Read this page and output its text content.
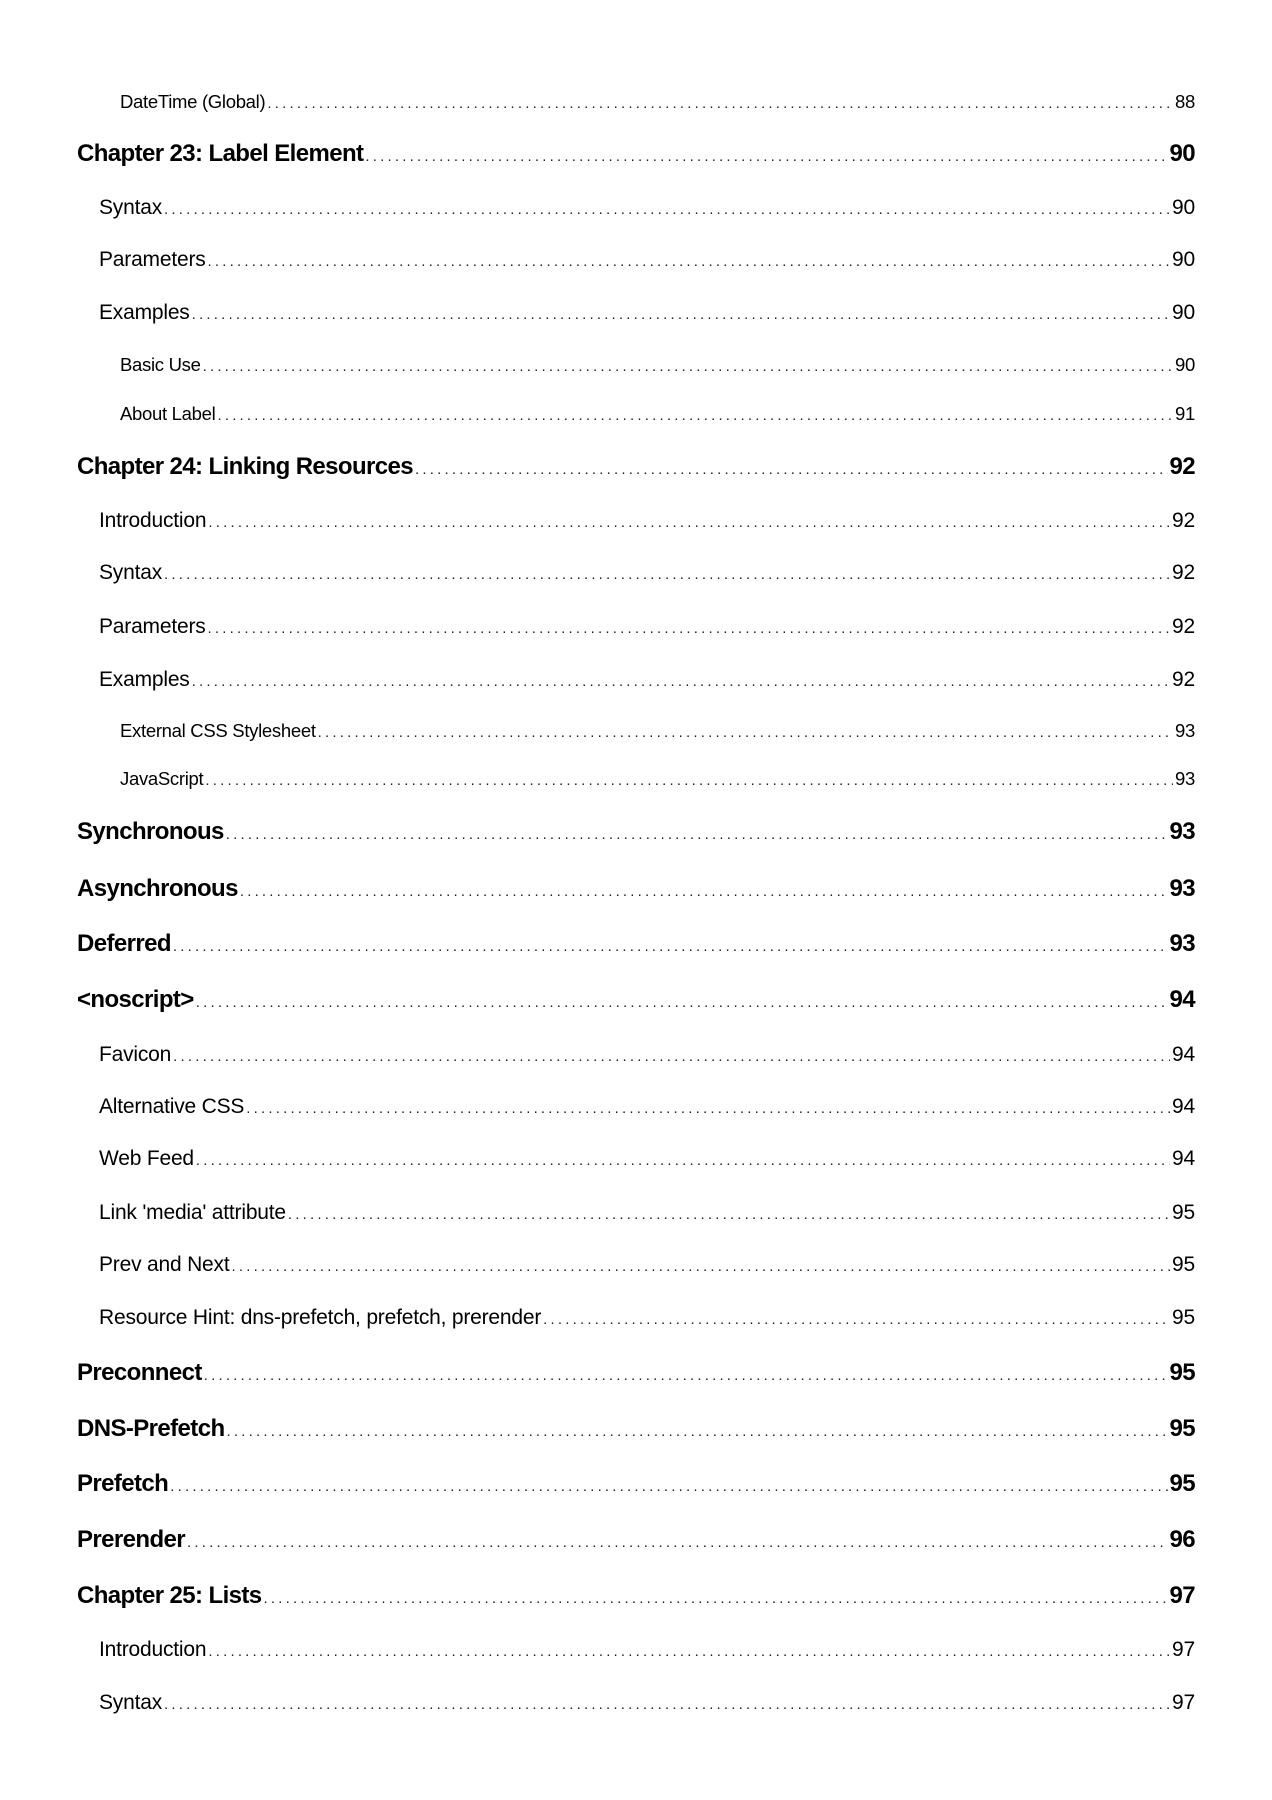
DateTime (Global) .....	88
Chapter 23: Label Element .....	90
Syntax .....	90
Parameters .....	90
Examples .....	90
Basic Use .....	90
About Label .....	91
Chapter 24: Linking Resources .....	92
Introduction .....	92
Syntax .....	92
Parameters .....	92
Examples .....	92
External CSS Stylesheet .....	93
JavaScript .....	93
Synchronous .....	93
Asynchronous .....	93
Deferred .....	93
<noscript> .....	94
Favicon .....	94
Alternative CSS .....	94
Web Feed .....	94
Link 'media' attribute .....	95
Prev and Next .....	95
Resource Hint: dns-prefetch, prefetch, prerender .....	95
Preconnect .....	95
DNS-Prefetch .....	95
Prefetch .....	95
Prerender .....	96
Chapter 25: Lists .....	97
Introduction .....	97
Syntax .....	97
